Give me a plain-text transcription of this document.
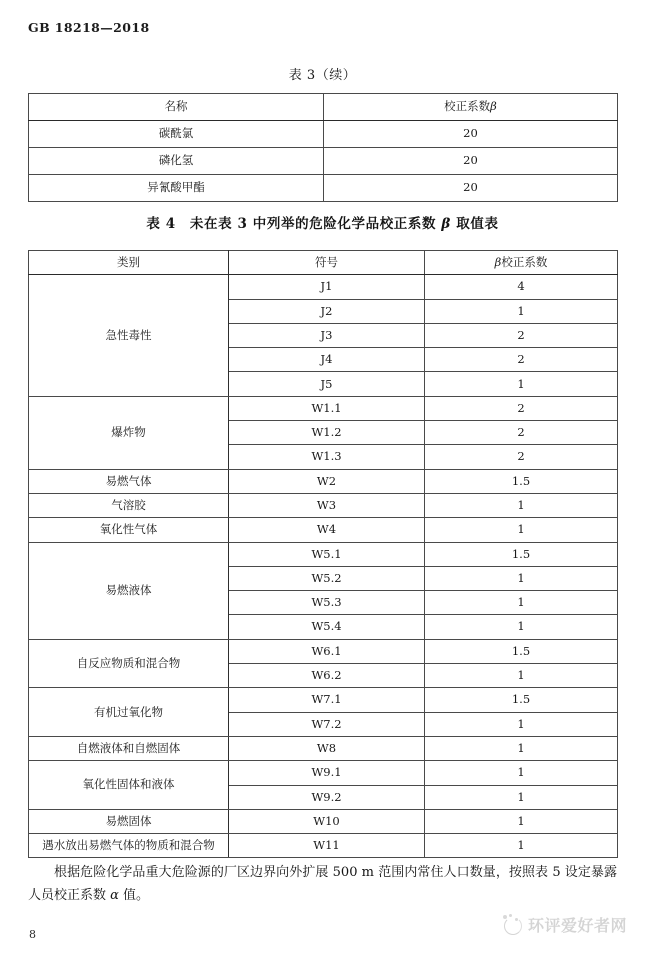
GB 18218—2018
表 3（续）
名称	校正系数β
碳酰氯	20
磷化氢	20
异氰酸甲酯	20
表 4　未在表 3 中列举的危险化学品校正系数 β 取值表
类别	符号	β校正系数
急性毒性	J1	4
	J2	1
	J3	2
	J4	2
	J5	1
爆炸物	W1.1	2
	W1.2	2
	W1.3	2
易燃气体	W2	1.5
气溶胶	W3	1
氧化性气体	W4	1
易燃液体	W5.1	1.5
	W5.2	1
	W5.3	1
	W5.4	1
自反应物质和混合物	W6.1	1.5
	W6.2	1
有机过氧化物	W7.1	1.5
	W7.2	1
自燃液体和自燃固体	W8	1
氧化性固体和液体	W9.1	1
	W9.2	1
易燃固体	W10	1
遇水放出易燃气体的物质和混合物	W11	1

根据危险化学品重大危险源的厂区边界向外扩展 500 m 范围内常住人口数量，按照表 5 设定暴露人员校正系数 α 值。

8	环评爱好者网
